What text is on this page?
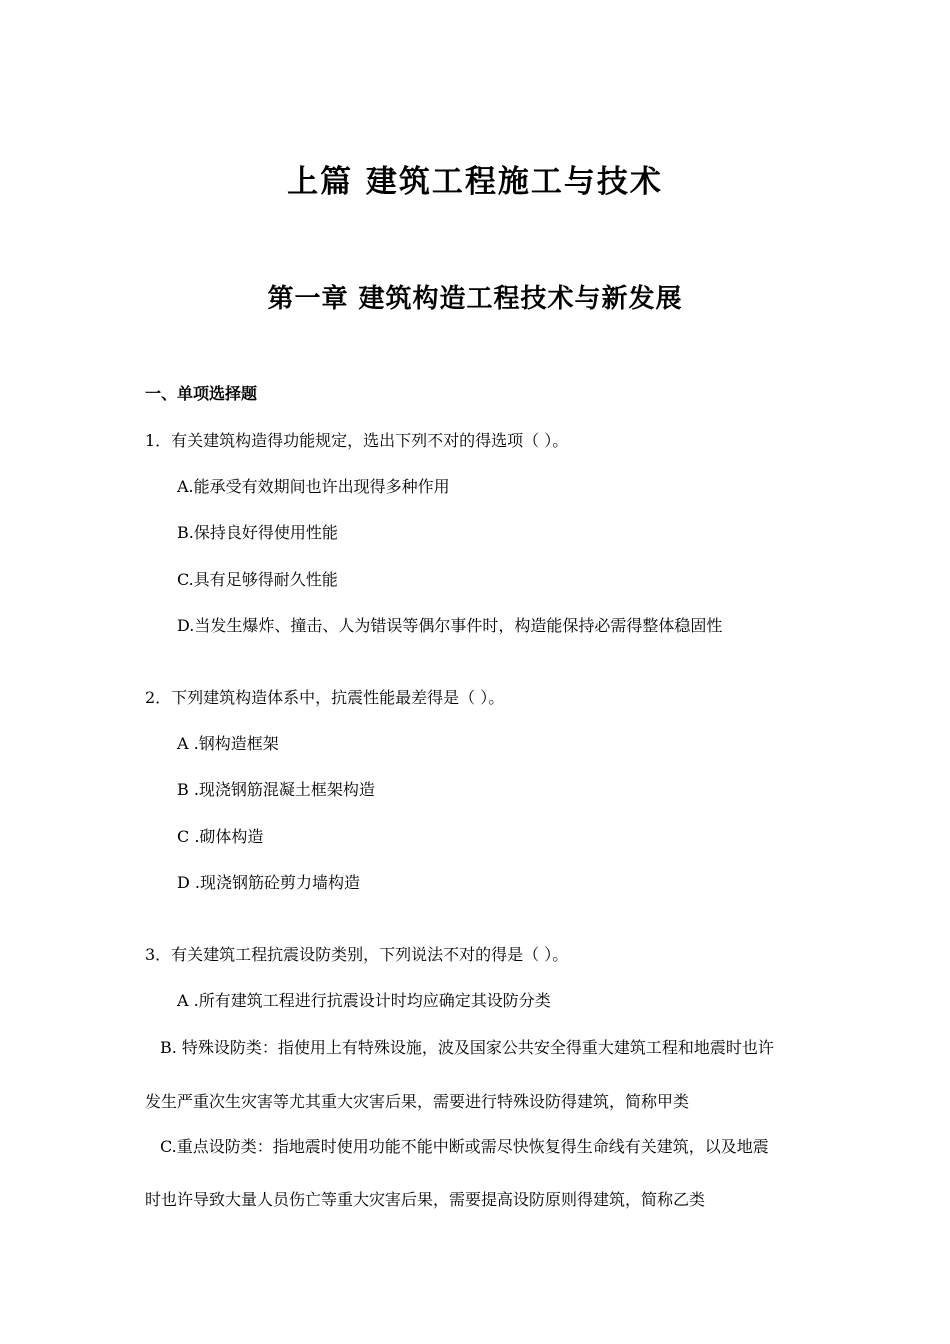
上篇 建筑工程施工与技术
第一章 建筑构造工程技术与新发展
一、单项选择题

1．有关建筑构造得功能规定，选出下列不对的得选项（ ）。

A.能承受有效期间也许出现得多种作用

B.保持良好得使用性能

C.具有足够得耐久性能

D.当发生爆炸、撞击、人为错误等偶尔事件时，构造能保持必需得整体稳固性

2．下列建筑构造体系中，抗震性能最差得是（ ）。

A .钢构造框架

B .现浇钢筋混凝土框架构造

C .砌体构造

D .现浇钢筋砼剪力墙构造

3．有关建筑工程抗震设防类别，下列说法不对的得是（ ）。

A .所有建筑工程进行抗震设计时均应确定其设防分类

B. 特殊设防类：指使用上有特殊设施，波及国家公共安全得重大建筑工程和地震时也许

发生严重次生灾害等尤其重大灾害后果，需要进行特殊设防得建筑，简称甲类

C.重点设防类：指地震时使用功能不能中断或需尽快恢复得生命线有关建筑，以及地震

时也许导致大量人员伤亡等重大灾害后果，需要提高设防原则得建筑，简称乙类
